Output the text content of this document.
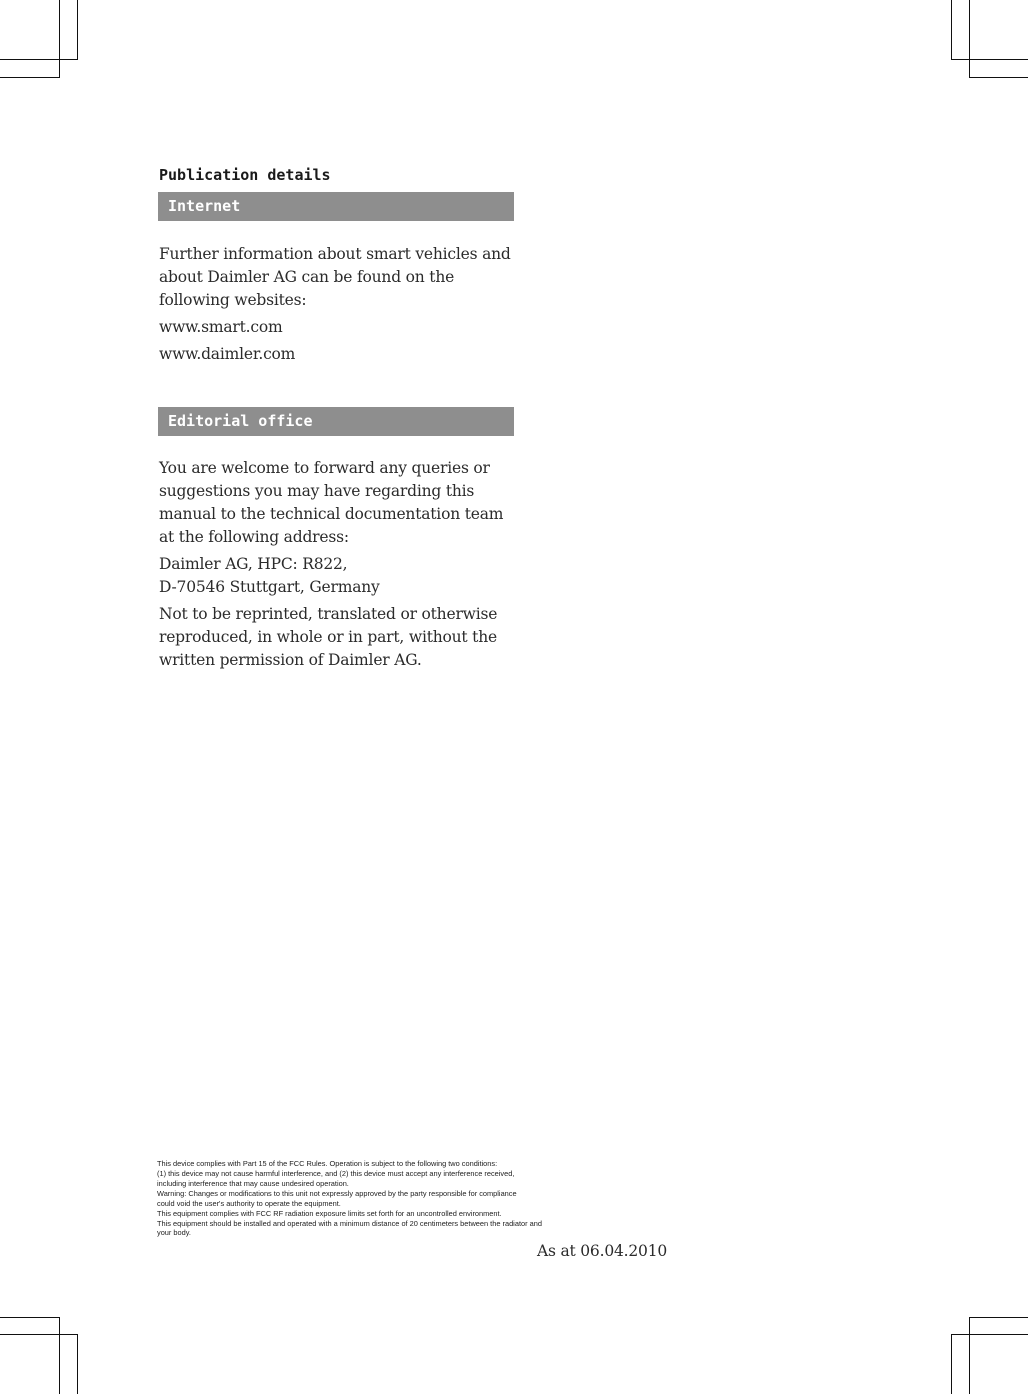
Publication details
Internet
Further information about smart vehicles and about Daimler AG can be found on the following websites:
www.smart.com
www.daimler.com
Editorial office
You are welcome to forward any queries or suggestions you may have regarding this manual to the technical documentation team at the following address:
Daimler AG, HPC: R822,
D-70546 Stuttgart, Germany
Not to be reprinted, translated or otherwise reproduced, in whole or in part, without the written permission of Daimler AG.
This device complies with Part 15 of the FCC Rules. Operation is subject to the following two conditions:
(1) this device may not cause harmful interference, and (2) this device must accept any interference received,
including interference that may cause undesired operation.
Warning: Changes or modifications to this unit not expressly approved by the party responsible for compliance
could void the user's authority to operate the equipment.
This equipment complies with FCC RF radiation exposure limits set forth for an uncontrolled environment.
This equipment should be installed and operated with a minimum distance of 20 centimeters between the radiator and
your body.
As at 06.04.2010
